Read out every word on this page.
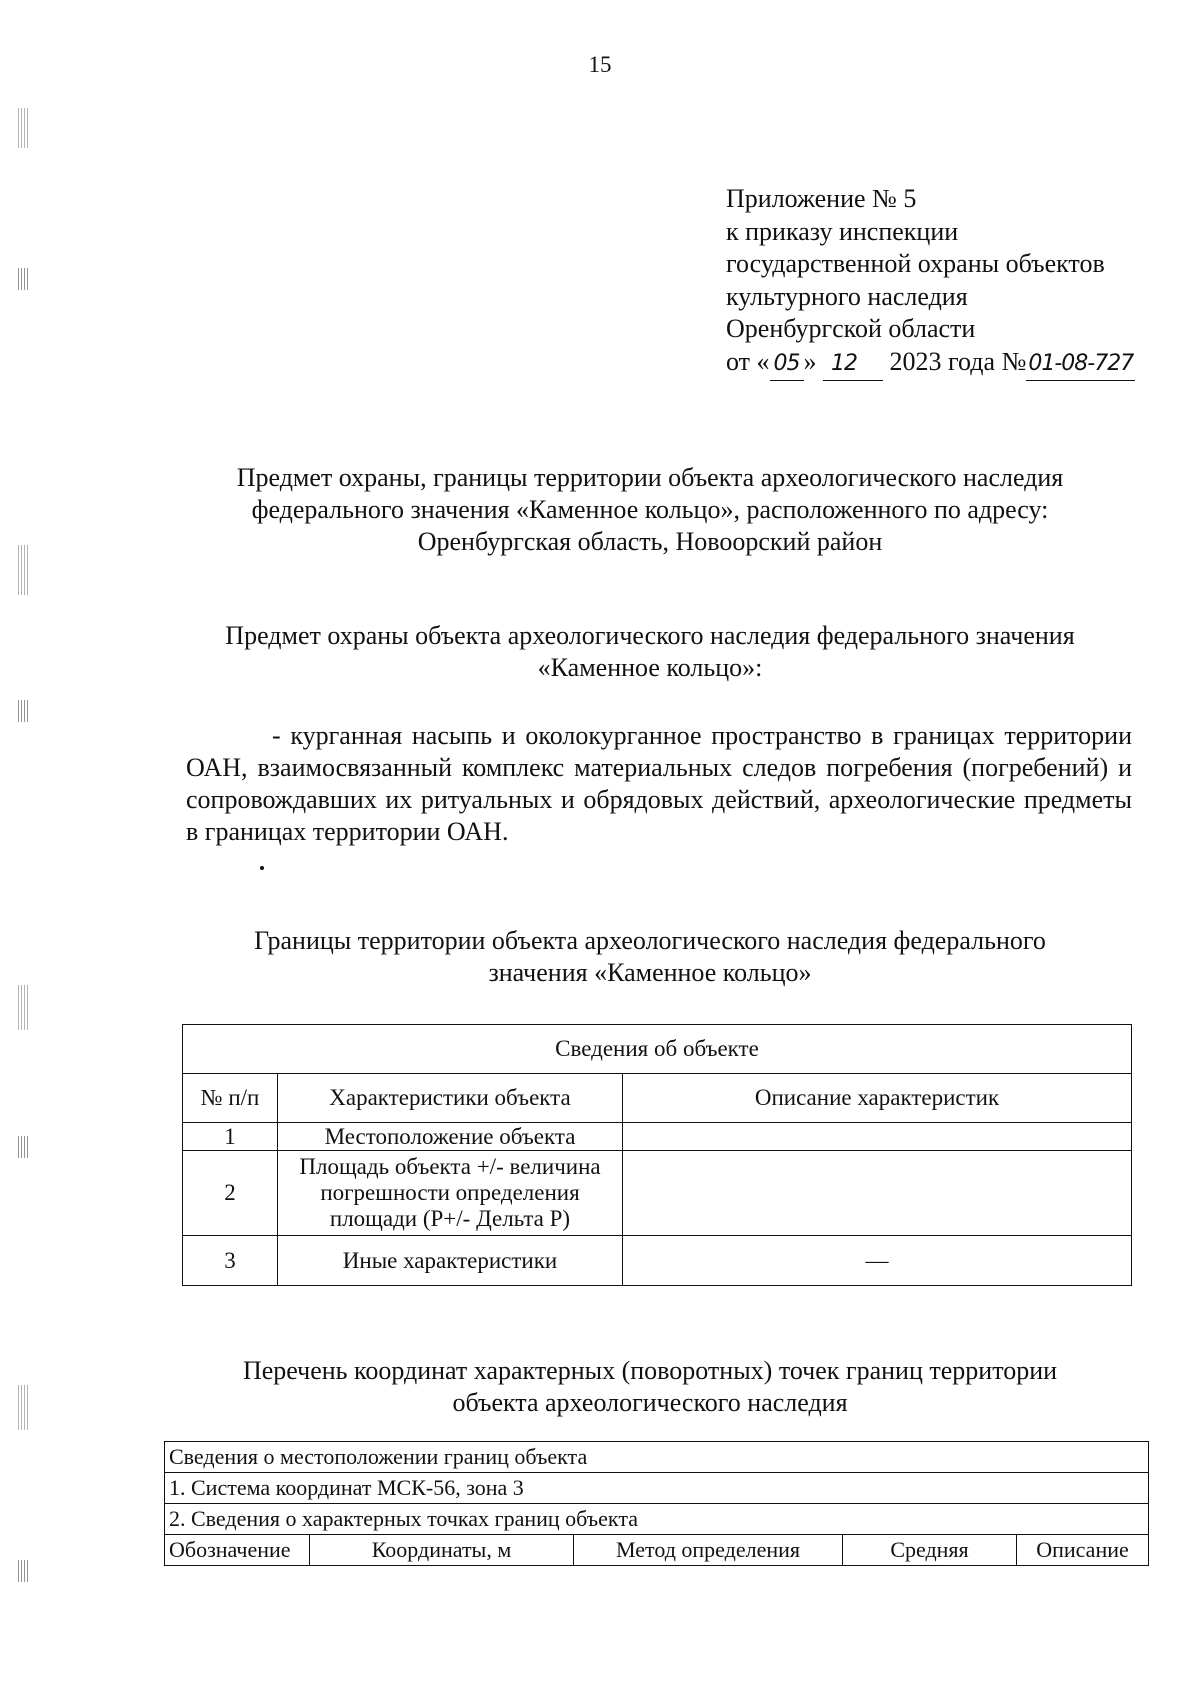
15
Приложение № 5
к приказу инспекции
государственной охраны объектов
культурного наследия
Оренбургской области
от « 05 » 12 2023 года №01-08-727
Предмет охраны, границы территории объекта археологического наследия
федерального значения «Каменное кольцо», расположенного по адресу:
Оренбургская область, Новоорский район
Предмет охраны объекта археологического наследия федерального значения
«Каменное кольцо»:

- курганная насыпь и околокурганное пространство в границах территории ОАН, взаимосвязанный комплекс материальных следов погребения (погребений) и сопровождавших их ритуальных и обрядовых действий, археологические предметы в границах территории ОАН.

Границы территории объекта археологического наследия федерального
значения «Каменное кольцо»
Сведения об объекте		
№ п/п	Характеристики объекта	Описание характеристик
1	Местоположение объекта	
2	Площадь объекта +/- величина погрешности определения площади (P+/- Дельта P)	
3	Иные характеристики	—
Перечень координат характерных (поворотных) точек границ территории
объекта археологического наследия
Сведения о местоположении границ объекта
1. Система координат МСК-56, зона 3
2. Сведения о характерных точках границ объекта
Обозначение	Координаты, м	Метод определения	Средняя	Описание
